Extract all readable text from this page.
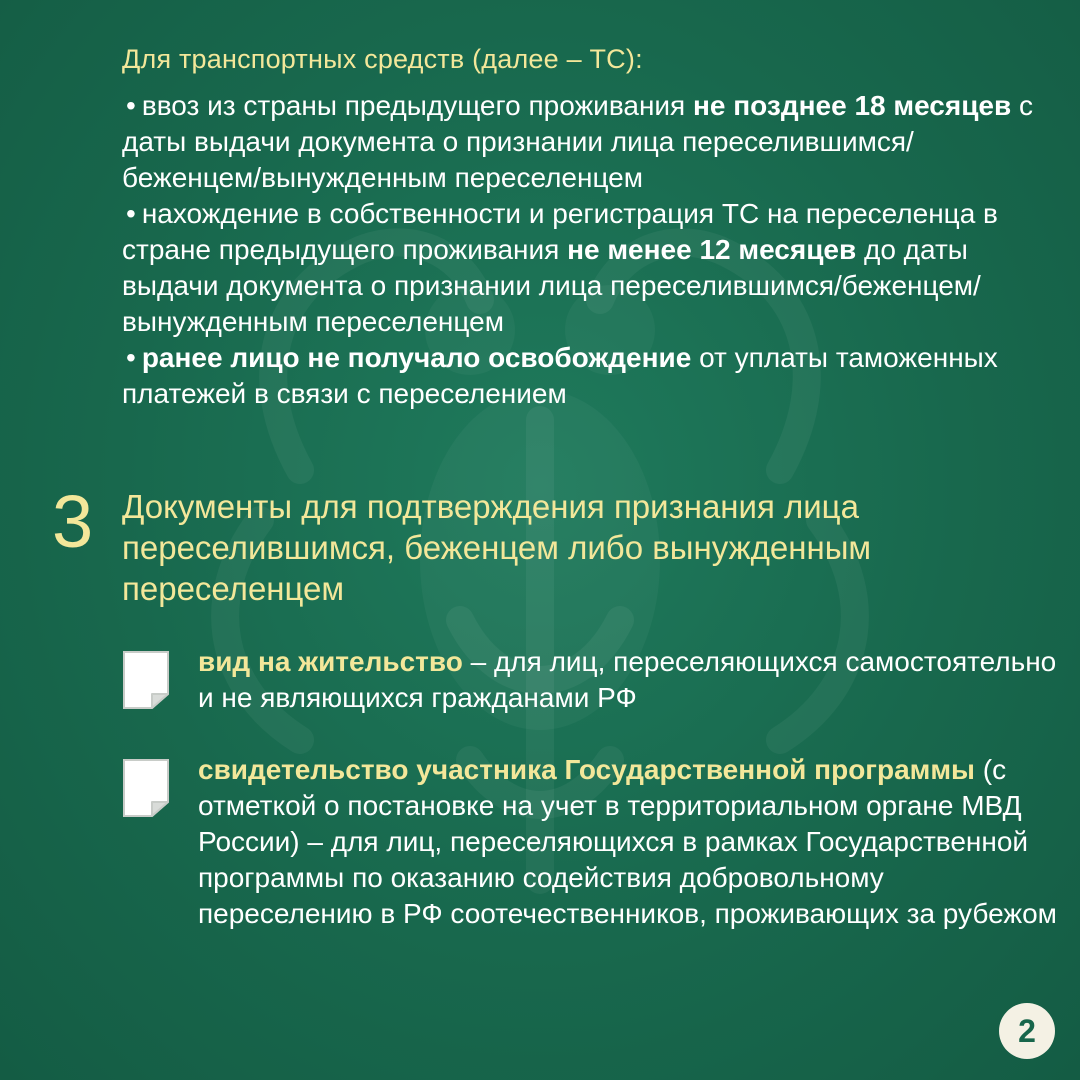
Для транспортных средств (далее – ТС):
• ввоз из страны предыдущего проживания не позднее 18 месяцев с даты выдачи документа о признании лица переселившимся/беженцем/вынужденным переселенцем
• нахождение в собственности и регистрация ТС на переселенца в стране предыдущего проживания не менее 12 месяцев до даты выдачи документа о признании лица переселившимся/беженцем/вынужденным переселенцем
• ранее лицо не получало освобождение от уплаты таможенных платежей в связи с переселением
3 Документы для подтверждения признания лица переселившимся, беженцем либо вынужденным переселенцем
вид на жительство – для лиц, переселяющихся самостоятельно и не являющихся гражданами РФ
свидетельство участника Государственной программы (с отметкой о постановке на учет в территориальном органе МВД России) – для лиц, переселяющихся в рамках Государственной программы по оказанию содействия добровольному переселению в РФ соотечественников, проживающих за рубежом
2
